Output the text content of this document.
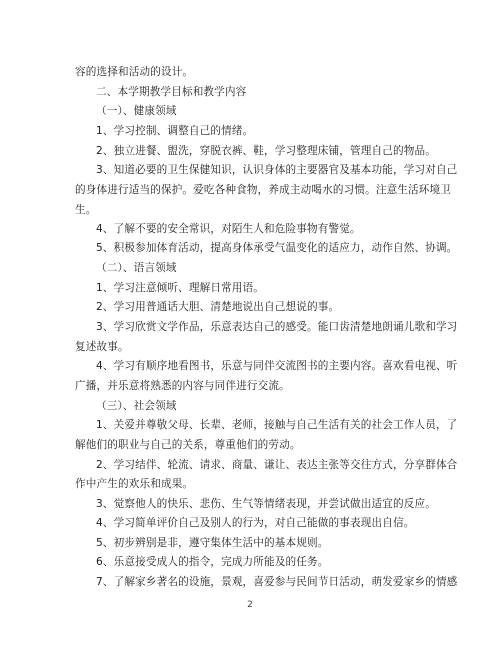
容的选择和活动的设计。
二、本学期教学目标和教学内容
（一）、健康领域
1、学习控制、调整自己的情绪。
2、独立进餐、盥洗，穿脱衣裤、鞋，学习整理床铺，管理自己的物品。
3、知道必要的卫生保健知识，认识身体的主要器官及基本功能，学习对自己
的身体进行适当的保护。爱吃各种食物，养成主动喝水的习惯。注意生活环境卫
生。
4、了解不要的安全常识，对陌生人和危险事物有警觉。
5、积极参加体育活动，提高身体承受气温变化的适应力，动作自然、协调。
（二）、语言领域
1、学习注意倾听、理解日常用语。
2、学习用普通话大胆、清楚地说出自己想说的事。
3、学习欣赏文学作品，乐意表达自己的感受。能口齿清楚地朗诵儿歌和学习
复述故事。
4、学习有顺序地看图书，乐意与同伴交流图书的主要内容。喜欢看电视、听
广播，并乐意将熟悉的内容与同伴进行交流。
（三）、社会领域
1、关爱并尊敬父母、长辈、老师，接触与自己生活有关的社会工作人员，了
解他们的职业与自己的关系，尊重他们的劳动。
2、学习结伴、轮流、请求、商量、谦让、表达主张等交往方式，分享群体合
作中产生的欢乐和成果。
3、觉察他人的快乐、悲伤、生气等情绪表现，并尝试做出适宜的反应。
4、学习简单评价自己及别人的行为，对自己能做的事表现出自信。
5、初步辨别是非，遵守集体生活中的基本规则。
6、乐意接受成人的指令，完成力所能及的任务。
7、了解家乡著名的设施，景观，喜爱参与民间节日活动，萌发爱家乡的情感
2
